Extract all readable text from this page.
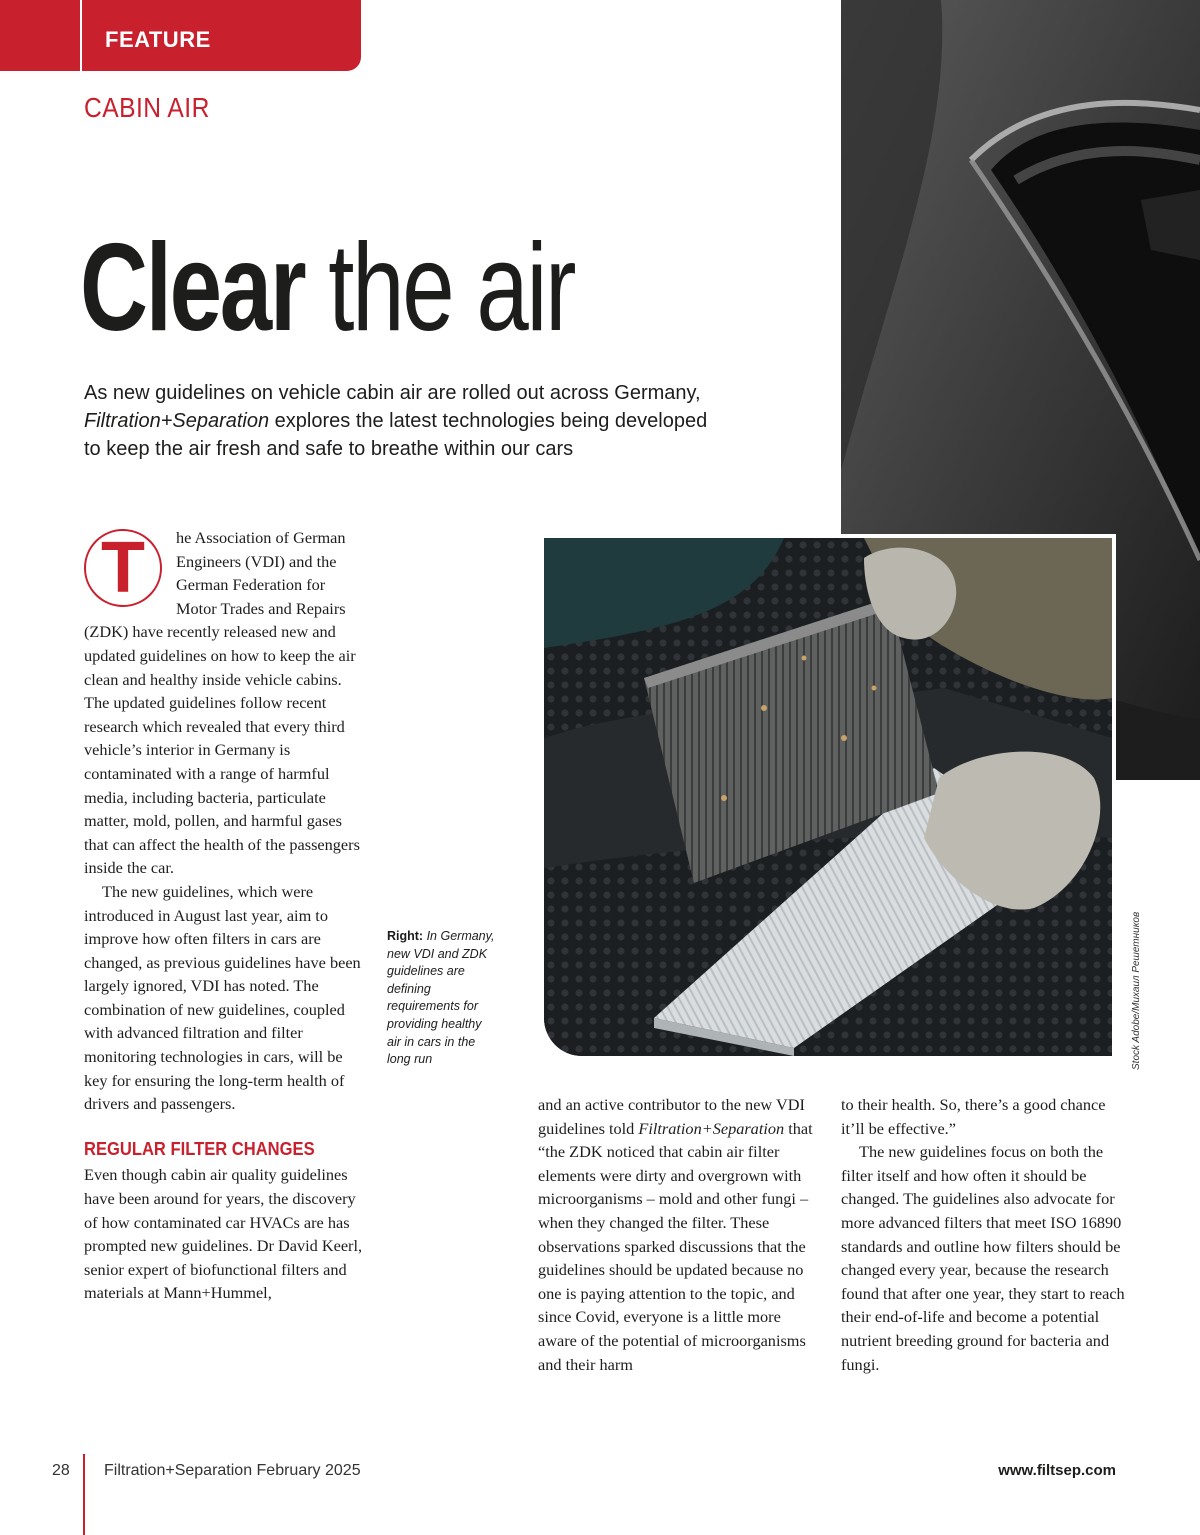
FEATURE
CABIN AIR
Clear the air
As new guidelines on vehicle cabin air are rolled out across Germany, Filtration+Separation explores the latest technologies being developed to keep the air fresh and safe to breathe within our cars
Stock Adobe/Михаил Решетников
Right: In Germany, new VDI and ZDK guidelines are defining requirements for providing healthy air in cars in the long run

T	he Association of German Engineers (VDI) and the German Federation for Motor Trades and Repairs (ZDK) have recently released new and updated guidelines on how to keep the air clean and healthy inside vehicle cabins. The updated guidelines follow recent research which revealed that every third vehicle’s interior in Germany is contaminated with a range of harmful media, including bacteria, particulate matter, mold, pollen, and harmful gases that can affect the health of the passengers inside the car.

The new guidelines, which were introduced in August last year, aim to improve how often filters in cars are changed, as previous guidelines have been largely ignored, VDI has noted. The combination of new guidelines, coupled with advanced filtration and filter monitoring technologies in cars, will be key for ensuring the long-term health of drivers and passengers.

REGULAR FILTER CHANGES

Even though cabin air quality guidelines have been around for years, the discovery of how contaminated car HVACs are has prompted new guidelines. Dr David Keerl, senior expert of biofunctional filters and materials at Mann+Hummel,

and an active contributor to the new VDI guidelines told Filtration+Separation that “the ZDK noticed that cabin air filter elements were dirty and overgrown with microorganisms – mold and other fungi – when they changed the filter. These observations sparked discussions that the guidelines should be updated because no one is paying attention to the topic, and since Covid, everyone is a little more aware of the potential of microorganisms and their harm

to their health. So, there’s a good chance it’ll be effective.”

The new guidelines focus on both the filter itself and how often it should be changed. The guidelines also advocate for more advanced filters that meet ISO 16890 standards and outline how filters should be changed every year, because the research found that after one year, they start to reach their end-of-life and become a potential nutrient breeding ground for bacteria and fungi.

28 Filtration+Separation February 2025	www.filtsep.com
